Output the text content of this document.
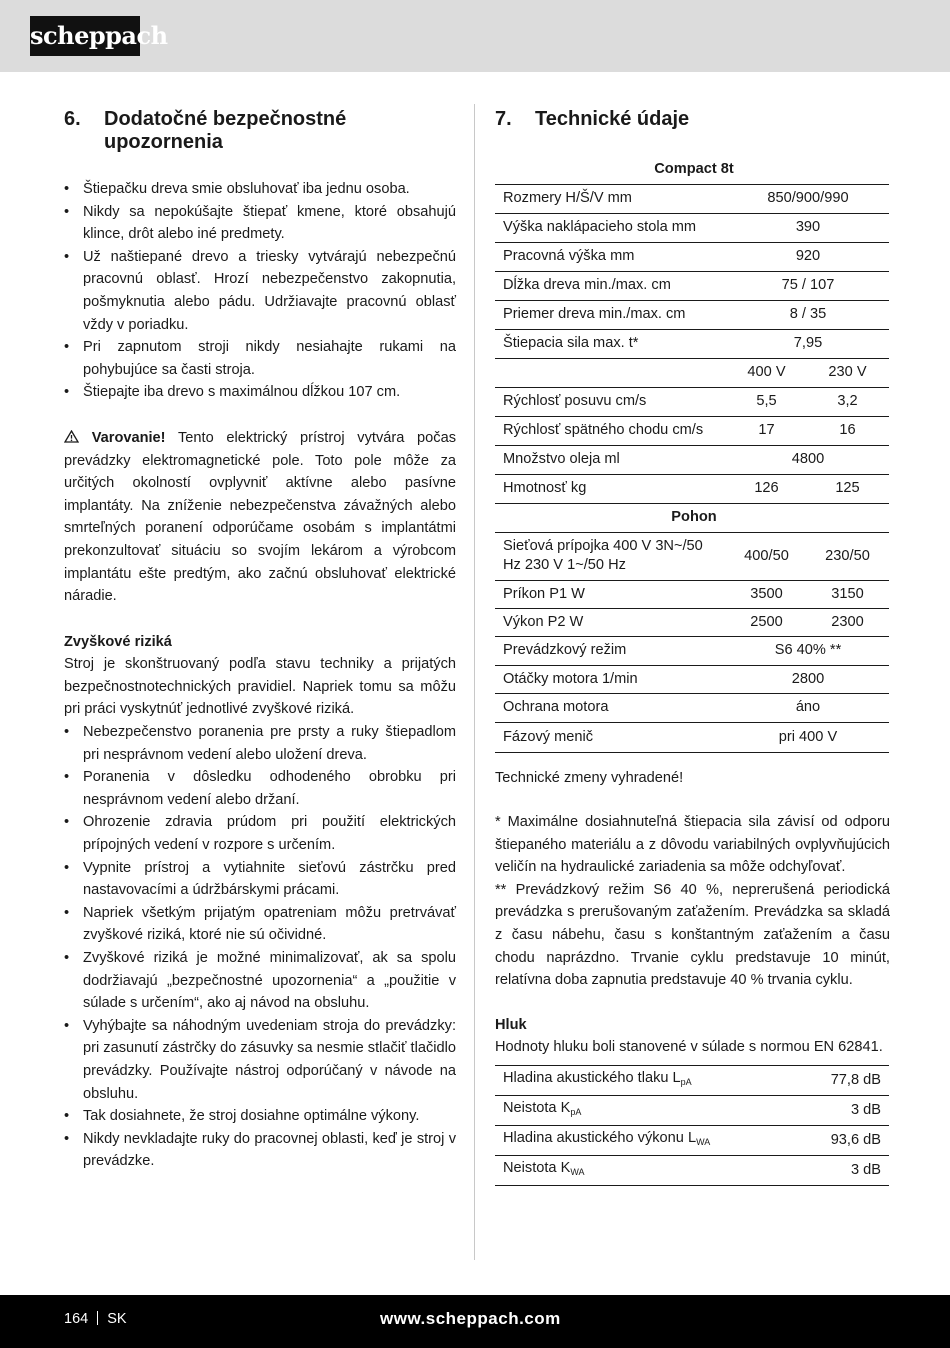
scheppach
6.	Dodatočné bezpečnostné upozornenia
• Štiepačku dreva smie obsluhovať iba jednu osoba.
• Nikdy sa nepokúšajte štiepať kmene, ktoré obsahujú klince, drôt alebo iné predmety.
• Už naštiepané drevo a triesky vytvárajú nebezpečnú pracovnú oblasť. Hrozí nebezpečenstvo zakopnutia, pošmyknutia alebo pádu. Udržiavajte pracovnú oblasť vždy v poriadku.
• Pri zapnutom stroji nikdy nesiahajte rukami na pohybujúce sa časti stroja.
• Štiepajte iba drevo s maximálnou dĺžkou 107 cm.

Varovanie! Tento elektrický prístroj vytvára počas prevádzky elektromagnetické pole. Toto pole môže za určitých okolností ovplyvniť aktívne alebo pasívne implantáty. Na zníženie nebezpečenstva závažných alebo smrteľných poranení odporúčame osobám s implantátmi prekonzultovať situáciu so svojím lekárom a výrobcom implantátu ešte predtým, ako začnú obsluhovať elektrické náradie.

Zvyškové riziká

Stroj je skonštruovaný podľa stavu techniky a prijatých bezpečnostnotechnických pravidiel. Napriek tomu sa môžu pri práci vyskytnúť jednotlivé zvyškové riziká.

• Nebezpečenstvo poranenia pre prsty a ruky štiepadlom pri nesprávnom vedení alebo uložení dreva.
• Poranenia v dôsledku odhodeného obrobku pri nesprávnom vedení alebo držaní.
• Ohrozenie zdravia prúdom pri použití elektrických prípojných vedení v rozpore s určením.
• Vypnite prístroj a vytiahnite sieťovú zástrčku pred nastavovacími a údržbárskymi prácami.
• Napriek všetkým prijatým opatreniam môžu pretrvávať zvyškové riziká, ktoré nie sú očividné.
• Zvyškové riziká je možné minimalizovať, ak sa spolu dodržiavajú „bezpečnostné upozornenia“ a „použitie v súlade s určením“, ako aj návod na obsluhu.
• Vyhýbajte sa náhodným uvedeniam stroja do prevádzky: pri zasunutí zástrčky do zásuvky sa nesmie stlačiť tlačidlo prevádzky. Používajte nástroj odporúčaný v návode na obsluhu.
• Tak dosiahnete, že stroj dosiahne optimálne výkony.
• Nikdy nevkladajte ruky do pracovnej oblasti, keď je stroj v prevádzke.
7.	Technické údaje
Compact 8t		
Rozmery H/Š/V mm	850/900/990	
Výška naklápacieho stola mm	390	
Pracovná výška mm	920	
Dĺžka dreva min./max. cm	75 / 107	
Priemer dreva min./max. cm	8 / 35	
Štiepacia sila max. t*	7,95	
	400 V	230 V
Rýchlosť posuvu cm/s	5,5	3,2
Rýchlosť spätného chodu cm/s	17	16
Množstvo oleja ml	4800	
Hmotnosť kg	126	125
Pohon		
Sieťová prípojka 400 V 3N~/50 Hz 230 V 1~/50 Hz	400/50	230/50
Príkon P1 W	3500	3150
Výkon P2 W	2500	2300
Prevádzkový režim	S6 40% **	
Otáčky motora 1/min	2800	
Ochrana motora	áno	
Fázový menič	pri 400 V	

Technické zmeny vyhradené!

* Maximálne dosiahnuteľná štiepacia sila závisí od odporu štiepaného materiálu a z dôvodu variabilných ovplyvňujúcich veličín na hydraulické zariadenia sa môže odchyľovať.

** Prevádzkový režim S6 40 %, neprerušená periodická prevádzka s prerušovaným zaťažením. Prevádzka sa skladá z času nábehu, času s konštantným zaťažením a času chodu naprázdno. Trvanie cyklu predstavuje 10 minút, relatívna doba zapnutia predstavuje 40 % trvania cyklu.

Hluk

Hodnoty hluku boli stanovené v súlade s normou EN 62841.

Hladina akustického tlaku $L_{pA}$	77,8 dB
Neistota $K_{pA}$	3 dB
Hladina akustického výkonu $L_{WA}$	93,6 dB
Neistota $K_{WA}$	3 dB
164 SK	www.scheppach.com
